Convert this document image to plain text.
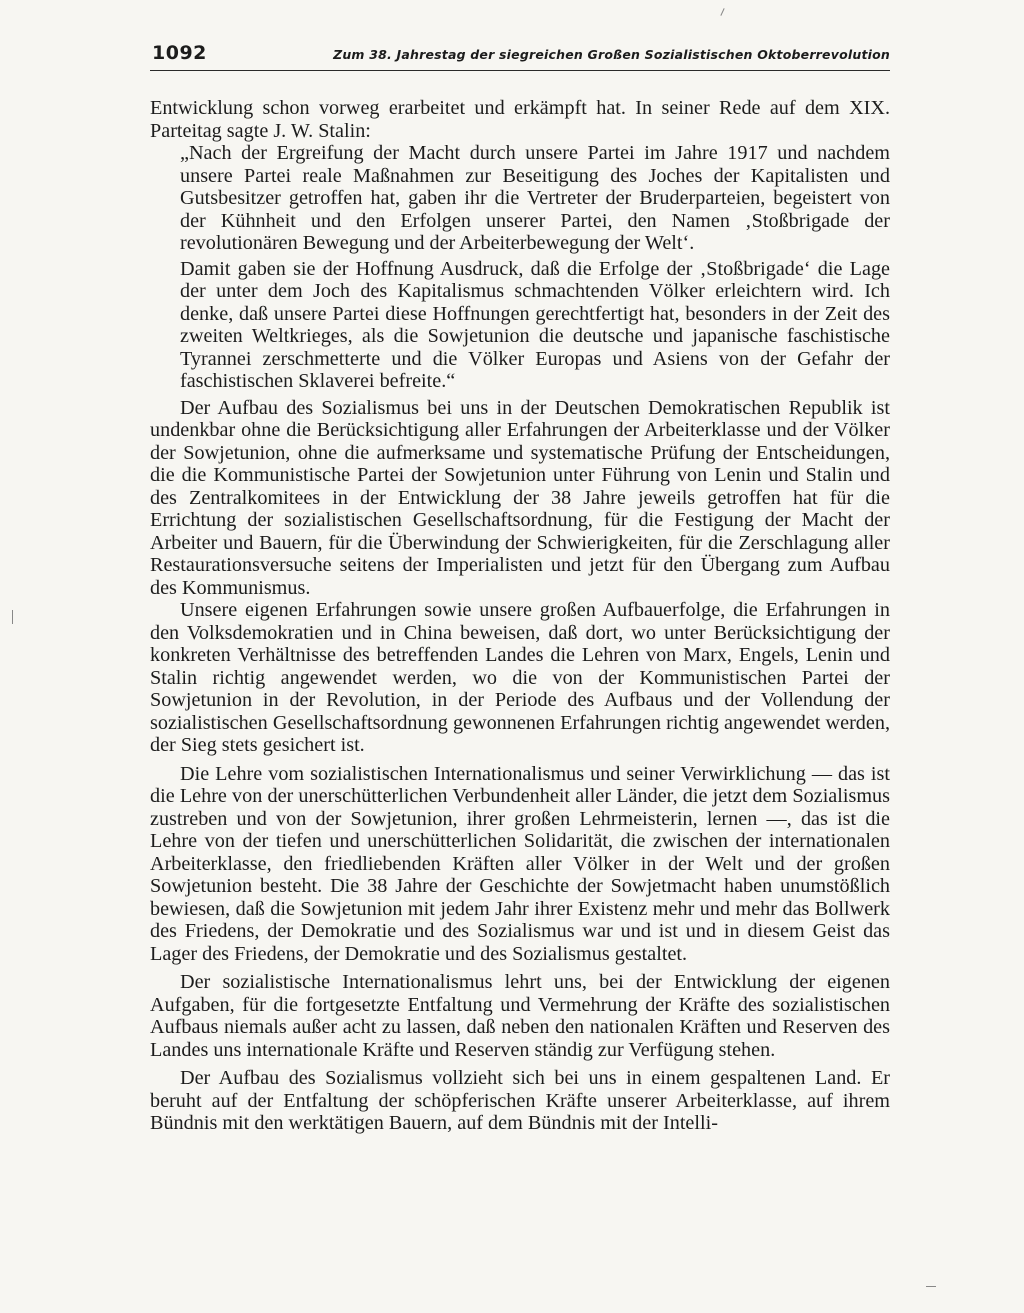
1092	Zum 38. Jahrestag der siegreichen Großen Sozialistischen Oktoberrevolution

Entwicklung schon vorweg erarbeitet und erkämpft hat. In seiner Rede auf dem XIX. Parteitag sagte J. W. Stalin:

„Nach der Ergreifung der Macht durch unsere Partei im Jahre 1917 und nachdem unsere Partei reale Maßnahmen zur Beseitigung des Joches der Kapitalisten und Gutsbesitzer getroffen hat, gaben ihr die Vertreter der Bruderparteien, begeistert von der Kühnheit und den Erfolgen unserer Partei, den Namen ‚Stoßbrigade der revolutionären Bewegung und der Arbeiterbewegung der Welt‘.

Damit gaben sie der Hoffnung Ausdruck, daß die Erfolge der ‚Stoßbrigade‘ die Lage der unter dem Joch des Kapitalismus schmachtenden Völker erleichtern wird. Ich denke, daß unsere Partei diese Hoffnungen gerechtfertigt hat, besonders in der Zeit des zweiten Weltkrieges, als die Sowjetunion die deutsche und japanische faschistische Tyrannei zerschmetterte und die Völker Europas und Asiens von der Gefahr der faschistischen Sklaverei befreite.“

Der Aufbau des Sozialismus bei uns in der Deutschen Demokratischen Republik ist undenkbar ohne die Berücksichtigung aller Erfahrungen der Arbeiterklasse und der Völker der Sowjetunion, ohne die aufmerksame und systematische Prüfung der Entscheidungen, die die Kommunistische Partei der Sowjetunion unter Führung von Lenin und Stalin und des Zentralkomitees in der Entwicklung der 38 Jahre jeweils getroffen hat für die Errichtung der sozialistischen Gesellschaftsordnung, für die Festigung der Macht der Arbeiter und Bauern, für die Überwindung der Schwierigkeiten, für die Zerschlagung aller Restaurationsversuche seitens der Imperialisten und jetzt für den Übergang zum Aufbau des Kommunismus.

Unsere eigenen Erfahrungen sowie unsere großen Aufbauerfolge, die Erfahrungen in den Volksdemokratien und in China beweisen, daß dort, wo unter Berücksichtigung der konkreten Verhältnisse des betreffenden Landes die Lehren von Marx, Engels, Lenin und Stalin richtig angewendet werden, wo die von der Kommunistischen Partei der Sowjetunion in der Revolution, in der Periode des Aufbaus und der Vollendung der sozialistischen Gesellschaftsordnung gewonnenen Erfahrungen richtig angewendet werden, der Sieg stets gesichert ist.

Die Lehre vom sozialistischen Internationalismus und seiner Verwirklichung — das ist die Lehre von der unerschütterlichen Verbundenheit aller Länder, die jetzt dem Sozialismus zustreben und von der Sowjetunion, ihrer großen Lehrmeisterin, lernen —, das ist die Lehre von der tiefen und unerschütterlichen Solidarität, die zwischen der internationalen Arbeiterklasse, den friedliebenden Kräften aller Völker in der Welt und der großen Sowjetunion besteht. Die 38 Jahre der Geschichte der Sowjetmacht haben unumstößlich bewiesen, daß die Sowjetunion mit jedem Jahr ihrer Existenz mehr und mehr das Bollwerk des Friedens, der Demokratie und des Sozialismus war und ist und in diesem Geist das Lager des Friedens, der Demokratie und des Sozialismus gestaltet.

Der sozialistische Internationalismus lehrt uns, bei der Entwicklung der eigenen Aufgaben, für die fortgesetzte Entfaltung und Vermehrung der Kräfte des sozialistischen Aufbaus niemals außer acht zu lassen, daß neben den nationalen Kräften und Reserven des Landes uns internationale Kräfte und Reserven ständig zur Verfügung stehen.

Der Aufbau des Sozialismus vollzieht sich bei uns in einem gespaltenen Land. Er beruht auf der Entfaltung der schöpferischen Kräfte unserer Arbeiterklasse, auf ihrem Bündnis mit den werktätigen Bauern, auf dem Bündnis mit der Intelli-
